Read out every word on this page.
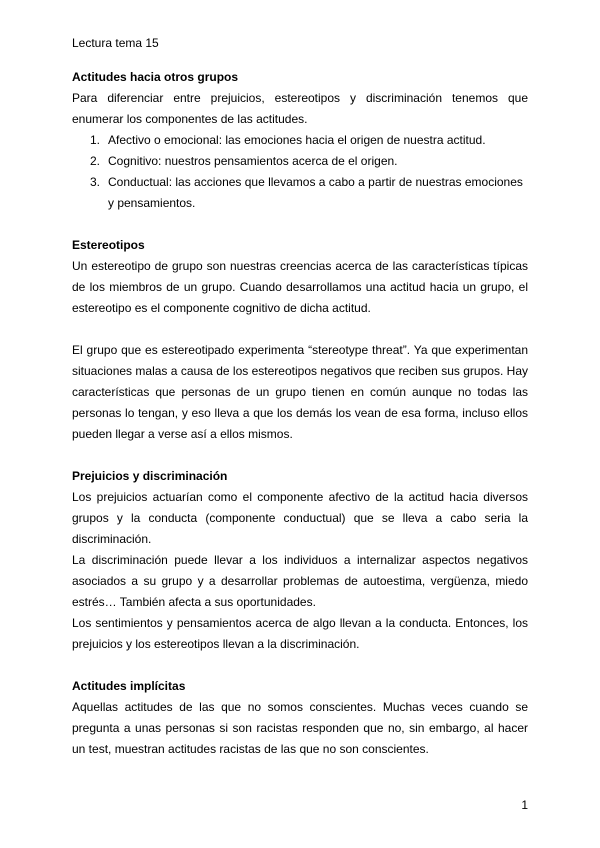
Lectura tema 15
Actitudes hacia otros grupos

Para diferenciar entre prejuicios, estereotipos y discriminación tenemos que enumerar los componentes de las actitudes.

1. Afectivo o emocional: las emociones hacia el origen de nuestra actitud.
2. Cognitivo: nuestros pensamientos acerca de el origen.
3. Conductual: las acciones que llevamos a cabo a partir de nuestras emociones y pensamientos.
Estereotipos

Un estereotipo de grupo son nuestras creencias acerca de las características típicas de los miembros de un grupo. Cuando desarrollamos una actitud hacia un grupo, el estereotipo es el componente cognitivo de dicha actitud.

El grupo que es estereotipado experimenta “stereotype threat”. Ya que experimentan situaciones malas a causa de los estereotipos negativos que reciben sus grupos. Hay características que personas de un grupo tienen en común aunque no todas las personas lo tengan, y eso lleva a que los demás los vean de esa forma, incluso ellos pueden llegar a verse así a ellos mismos.

Prejuicios y discriminación

Los prejuicios actuarían como el componente afectivo de la actitud hacia diversos grupos y la conducta (componente conductual) que se lleva a cabo seria la discriminación.

La discriminación puede llevar a los individuos a internalizar aspectos negativos asociados a su grupo y a desarrollar problemas de autoestima, vergüenza, miedo estrés… También afecta a sus oportunidades.

Los sentimientos y pensamientos acerca de algo llevan a la conducta. Entonces, los prejuicios y los estereotipos llevan a la discriminación.

Actitudes implícitas

Aquellas actitudes de las que no somos conscientes. Muchas veces cuando se pregunta a unas personas si son racistas responden que no, sin embargo, al hacer un test, muestran actitudes racistas de las que no son conscientes.

1
